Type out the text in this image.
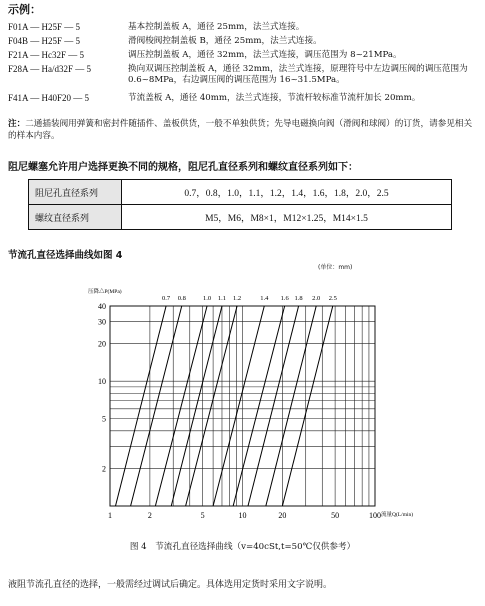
示例：
F01A — H25F — 5	基本控制盖板 A，通径 25mm，法兰式连接。
F04B — H25F — 5	滑阀梭阀控制盖板 B，通径 25mm，法兰式连接。
F21A — Hc32F — 5	调压控制盖板 A，通径 32mm，法兰式连接，调压范围为 8~21MPa。
F28A — Ha/d32F — 5	换向双调压控制盖板 A，通径 32mm，法兰式连接，原理符号中左边调压阀的调压范围为 0.6~8MPa，右边调压阀的调压范围为 16~31.5MPa。
F41A — H40F20 — 5	节流盖板 A，通径 40mm，法兰式连接，节流杆较标准节流杆加长 20mm。
注：二通插装阀用弹簧和密封件随插件、盖板供货，一般不单独供货；先导电磁换向阀（滑阀和球阀）的订货，请参见相关的样本内容。
阻尼螺塞允许用户选择更换不同的规格，阻尼孔直径系列和螺纹直径系列如下：
阻尼孔直径系列	0.7，0.8，1.0，1.1，1.2，1.4，1.6，1.8，2.0，2.5
螺纹直径系列	M5，M6，M8×1，M12×1.25，M14×1.5
节流孔直径选择曲线如图 4
(单位：mm)
1	2	5	10	20	50	100
2
5
10
20
30
40
压降△P(MPa)
流量Q(L/min)
0.7 0.8	1.0 1.1 1.2	1.4 1.6 1.8 2.0 2.5
图 4　节流孔直径选择曲线（v=40cSt,t=50℃仅供参考）
液阻节流孔直径的选择，一般需经过调试后确定。具体选用定货时采用文字说明。
